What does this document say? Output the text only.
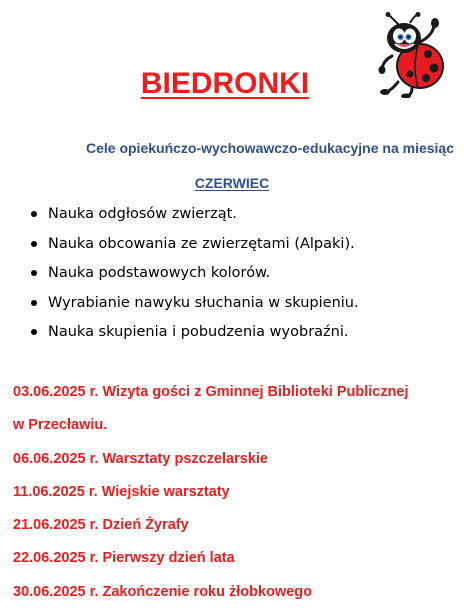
BIEDRONKI
Cele opiekuńczo-wychowawczo-edukacyjne na miesiąc
CZERWIEC
Nauka odgłosów zwierząt.
Nauka obcowania ze zwierzętami (Alpaki).
Nauka podstawowych kolorów.
Wyrabianie nawyku słuchania w skupieniu.
Nauka skupienia i pobudzenia wyobraźni.
03.06.2025 r. Wizyta gości z Gminnej Biblioteki Publicznej
w Przecławiu.
06.06.2025 r. Warsztaty pszczelarskie
11.06.2025 r. Wiejskie warsztaty
21.06.2025 r. Dzień Żyrafy
22.06.2025 r. Pierwszy dzień lata
30.06.2025 r. Zakończenie roku żłobkowego
